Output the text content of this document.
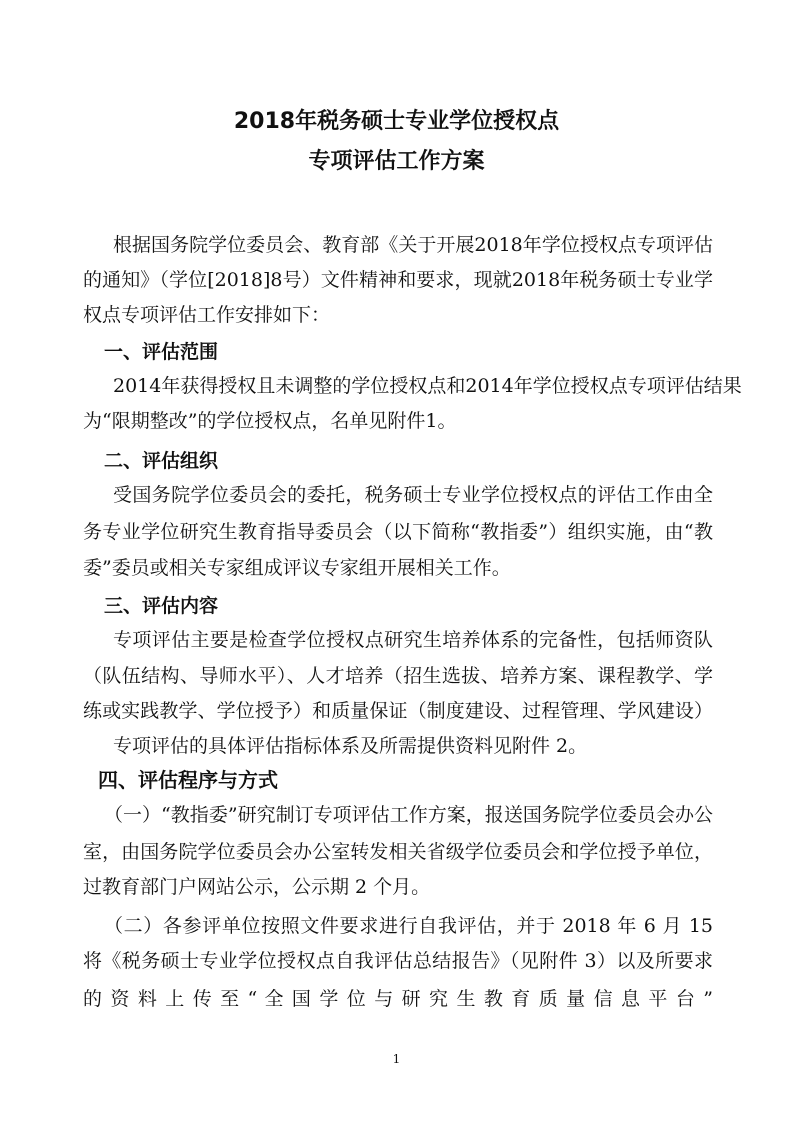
2018年税务硕士专业学位授权点
专项评估工作方案
根据国务院学位委员会、教育部《关于开展2018年学位授权点专项评估
的通知》（学位[2018]8号）文件精神和要求，现就2018年税务硕士专业学
权点专项评估工作安排如下：
一、评估范围
2014年获得授权且未调整的学位授权点和2014年学位授权点专项评估结果
为“限期整改”的学位授权点，名单见附件1。
二、评估组织
受国务院学位委员会的委托，税务硕士专业学位授权点的评估工作由全
务专业学位研究生教育指导委员会（以下简称“教指委”）组织实施，由“教
委”委员或相关专家组成评议专家组开展相关工作。
三、评估内容
专项评估主要是检查学位授权点研究生培养体系的完备性，包括师资队
（队伍结构、导师水平）、人才培养（招生选拔、培养方案、课程教学、学
练或实践教学、学位授予）和质量保证（制度建设、过程管理、学风建设）
专项评估的具体评估指标体系及所需提供资料见附件 2。
四、评估程序与方式
（一）“教指委”研究制订专项评估工作方案，报送国务院学位委员会办公
室，由国务院学位委员会办公室转发相关省级学位委员会和学位授予单位，
过教育部门户网站公示，公示期 2 个月。
（二）各参评单位按照文件要求进行自我评估，并于 2018 年 6 月 15
将《税务硕士专业学位授权点自我评估总结报告》（见附件 3）以及所要求
的 资 料 上 传 至 “ 全 国 学 位 与 研 究 生 教 育 质 量 信 息 平 台 ”
1
